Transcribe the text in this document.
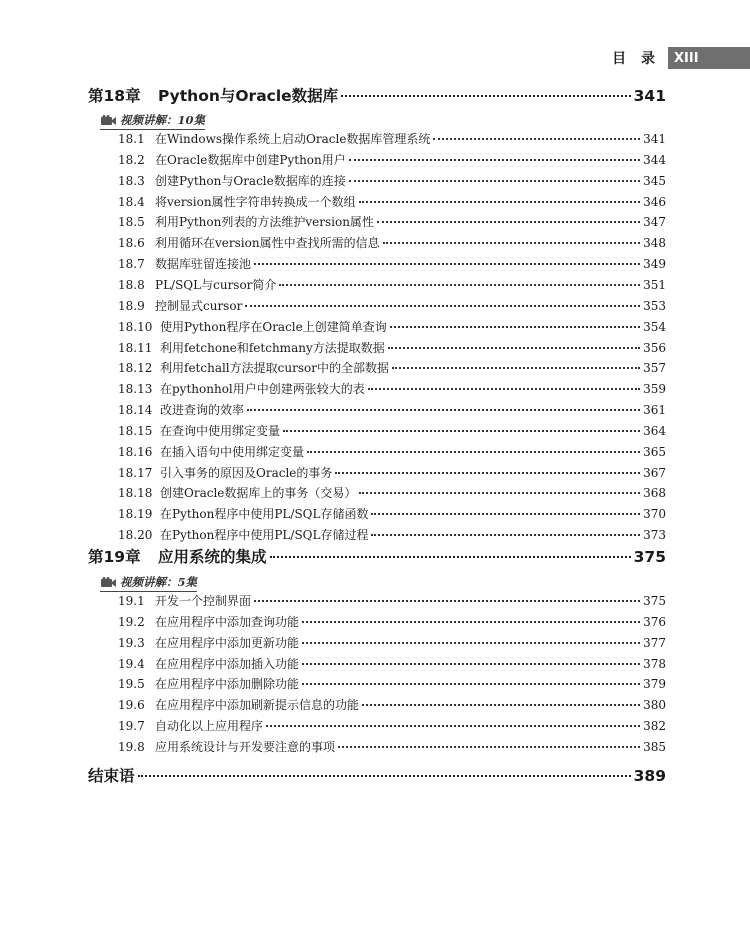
目 录	XIII
第18章	Python与Oracle数据库	341
视频讲解：10集
18.1 在Windows操作系统上启动Oracle数据库管理系统	341
18.2 在Oracle数据库中创建Python用户	344
18.3 创建Python与Oracle数据库的连接	345
18.4 将version属性字符串转换成一个数组	346
18.5 利用Python列表的方法维护version属性	347
18.6 利用循环在version属性中查找所需的信息	348
18.7 数据库驻留连接池	349
18.8 PL/SQL与cursor简介	351
18.9 控制显式cursor	353
18.10 使用Python程序在Oracle上创建简单查询	354
18.11 利用fetchone和fetchmany方法提取数据	356
18.12 利用fetchall方法提取cursor中的全部数据	357
18.13 在pythonhol用户中创建两张较大的表	359
18.14 改进查询的效率	361
18.15 在查询中使用绑定变量	364
18.16 在插入语句中使用绑定变量	365
18.17 引入事务的原因及Oracle的事务	367
18.18 创建Oracle数据库上的事务（交易）	368
18.19 在Python程序中使用PL/SQL存储函数	370
18.20 在Python程序中使用PL/SQL存储过程	373
第19章	应用系统的集成	375
视频讲解：5集
19.1 开发一个控制界面	375
19.2 在应用程序中添加查询功能	376
19.3 在应用程序中添加更新功能	377
19.4 在应用程序中添加插入功能	378
19.5 在应用程序中添加删除功能	379
19.6 在应用程序中添加刷新提示信息的功能	380
19.7 自动化以上应用程序	382
19.8 应用系统设计与开发要注意的事项	385
结束语	389
